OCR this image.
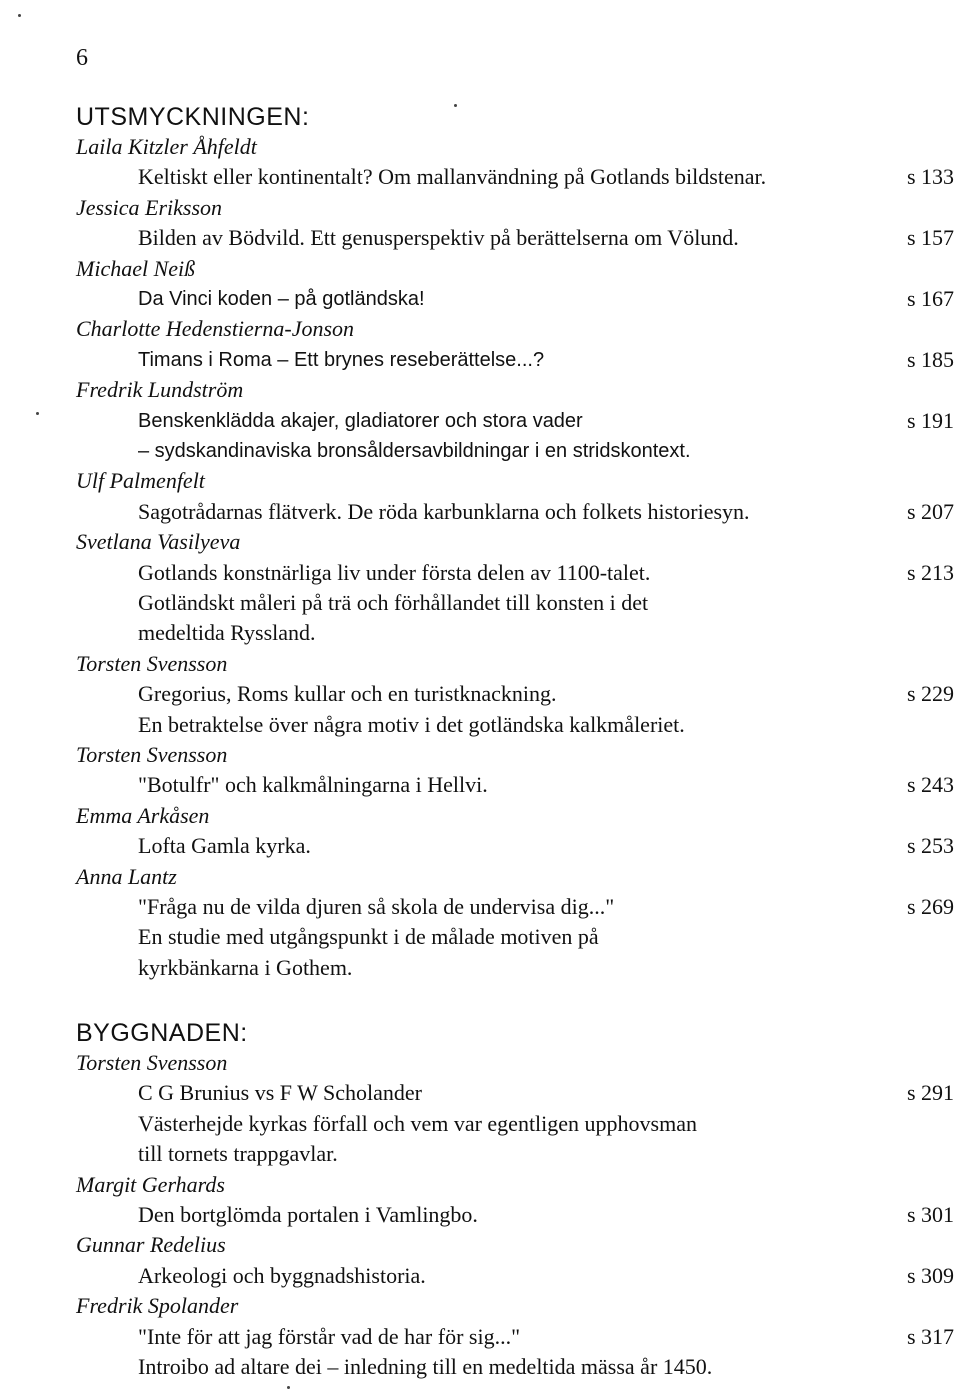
6
UTSMYCKNINGEN:
Laila Kitzler Åhfeldt
Keltiskt eller kontinentalt? Om mallanvändning på Gotlands bildstenar.	s 133
Jessica Eriksson
Bilden av Bödvild. Ett genusperspektiv på berättelserna om Völund.	s 157
Michael Neiß
Da Vinci koden – på gotländska!	s 167
Charlotte Hedenstierna-Jonson
Timans i Roma – Ett brynes reseberättelse...?	s 185
Fredrik Lundström
Benskenklädda akajer, gladiatorer och stora vader	s 191
– sydskandinaviska bronsåldersavbildningar i en stridskontext.
Ulf Palmenfelt
Sagotrådarnas flätverk. De röda karbunklarna och folkets historiesyn.	s 207
Svetlana Vasilyeva
Gotlands konstnärliga liv under första delen av 1100-talet.	s 213
Gotländskt måleri på trä och förhållandet till konsten i det
medeltida Ryssland.
Torsten Svensson
Gregorius, Roms kullar och en turistknackning.	s 229
En betraktelse över några motiv i det gotländska kalkmåleriet.
Torsten Svensson
"Botulfr" och kalkmålningarna i Hellvi.	s 243
Emma Arkåsen
Lofta Gamla kyrka.	s 253
Anna Lantz
"Fråga nu de vilda djuren så skola de undervisa dig..."	s 269
En studie med utgångspunkt i de målade motiven på
kyrkbänkarna i Gothem.
BYGGNADEN:
Torsten Svensson
C G Brunius vs F W Scholander	s 291
Västerhejde kyrkas förfall och vem var egentligen upphovsman
till tornets trappgavlar.
Margit Gerhards
Den bortglömda portalen i Vamlingbo.	s 301
Gunnar Redelius
Arkeologi och byggnadshistoria.	s 309
Fredrik Spolander
"Inte för att jag förstår vad de har för sig..."	s 317
Introibo ad altare dei – inledning till en medeltida mässa år 1450.
